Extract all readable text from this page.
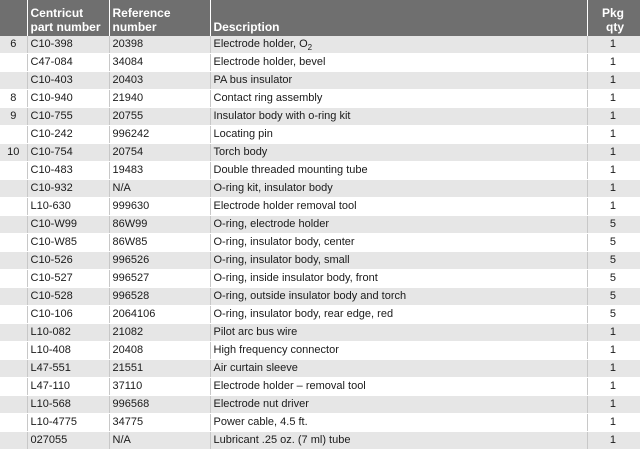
	Centricut part number	Reference number	Description	Pkg qty
6	C10-398	20398	Electrode holder, $O_2$	1
	C47-084	34084	Electrode holder, bevel	1
	C10-403	20403	PA bus insulator	1
8	C10-940	21940	Contact ring assembly	1
9	C10-755	20755	Insulator body with o-ring kit	1
	C10-242	996242	Locating pin	1
10	C10-754	20754	Torch body	1
	C10-483	19483	Double threaded mounting tube	1
	C10-932	N/A	O-ring kit, insulator body	1
	L10-630	999630	Electrode holder removal tool	1
	C10-W99	86W99	O-ring, electrode holder	5
	C10-W85	86W85	O-ring, insulator body, center	5
	C10-526	996526	O-ring, insulator body, small	5
	C10-527	996527	O-ring, inside insulator body, front	5
	C10-528	996528	O-ring, outside insulator body and torch	5
	C10-106	2064106	O-ring, insulator body, rear edge, red	5
	L10-082	21082	Pilot arc bus wire	1
	L10-408	20408	High frequency connector	1
	L47-551	21551	Air curtain sleeve	1
	L47-110	37110	Electrode holder – removal tool	1
	L10-568	996568	Electrode nut driver	1
	L10-4775	34775	Power cable, 4.5 ft.	1
	027055	N/A	Lubricant .25 oz. (7 ml) tube	1
